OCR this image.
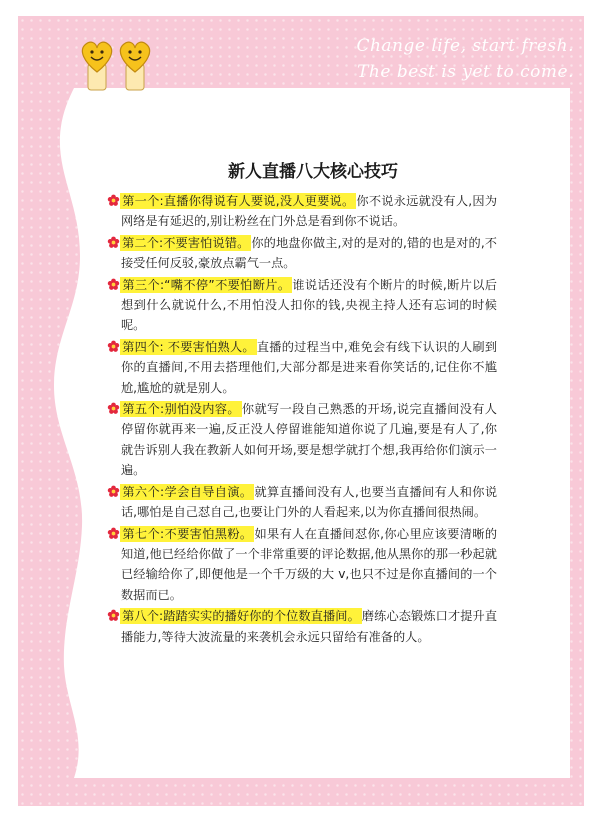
Change life, start fresh.
The best is yet to come.
新人直播八大核心技巧
第一个:直播你得说有人要说,没人更要说。 你不说永远就没有人,因为网络是有延迟的,别让粉丝在门外总是看到你不说话。
第二个:不要害怕说错。 你的地盘你做主,对的是对的,错的也是对的,不接受任何反驳,豪放点霸气一点。
第三个:“嘴不停”不要怕断片。 谁说话还没有个断片的时候,断片以后想到什么就说什么,不用怕没人扣你的钱,央视主持人还有忘词的时候呢。
第四个: 不要害怕熟人。 直播的过程当中,难免会有线下认识的人刷到你的直播间,不用去搭理他们,大部分都是进来看你笑话的,记住你不尴尬,尴尬的就是别人。
第五个:别怕没内容。 你就写一段自己熟悉的开场,说完直播间没有人停留你就再来一遍,反正没人停留谁能知道你说了几遍,要是有人了,你就告诉别人我在教新人如何开场,要是想学就打个想,我再给你们演示一遍。
第六个:学会自导自演。 就算直播间没有人,也要当直播间有人和你说话,哪怕是自己怼自己,也要让门外的人看起来,以为你直播间很热闹。
第七个:不要害怕黑粉。 如果有人在直播间怼你,你心里应该要清晰的知道,他已经给你做了一个非常重要的评论数据,他从黑你的那一秒起就已经输给你了,即便他是一个千万级的大 v,也只不过是你直播间的一个数据而已。
第八个:踏踏实实的播好你的个位数直播间。 磨练心态锻炼口才提升直播能力,等待大波流量的来袭机会永远只留给有准备的人。
